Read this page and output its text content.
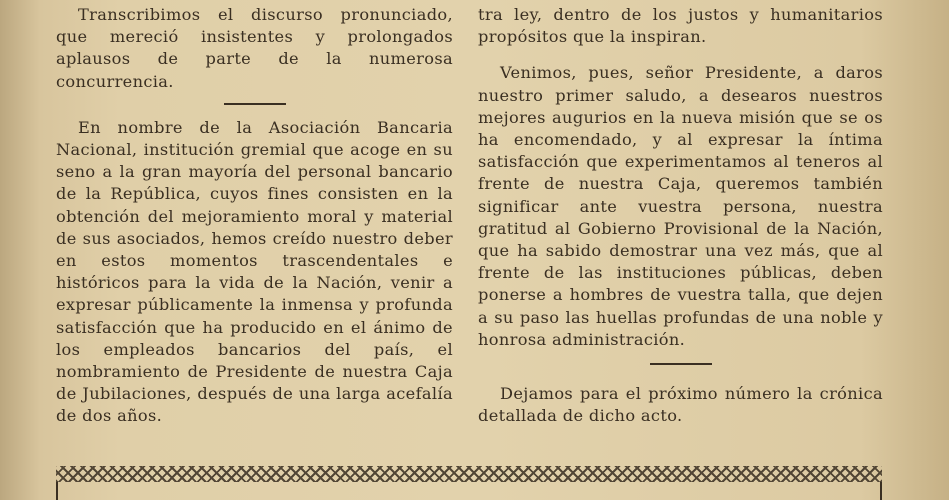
Transcribimos el discurso pronunciado, que mereció insistentes y prolongados aplausos de parte de la numerosa concurrencia.

En nombre de la Asociación Bancaria Nacional, institución gremial que acoge en su seno a la gran mayoría del personal bancario de la República, cuyos fines consisten en la obtención del mejoramiento moral y material de sus asociados, hemos creído nuestro deber en estos momentos trascendentales e históricos para la vida de la Nación, venir a expresar públicamente la inmensa y profunda satisfacción que ha producido en el ánimo de los empleados bancarios del país, el nombramiento de Presidente de nuestra Caja de Jubilaciones, después de una larga acefalía de dos años.

tra ley, dentro de los justos y humanitarios propósitos que la inspiran.

Venimos, pues, señor Presidente, a daros nuestro primer saludo, a desearos nuestros mejores augurios en la nueva misión que se os ha encomendado, y al expresar la íntima satisfacción que experimentamos al teneros al frente de nuestra Caja, queremos también significar ante vuestra persona, nuestra gratitud al Gobierno Provisional de la Nación, que ha sabido demostrar una vez más, que al frente de las instituciones públicas, deben ponerse a hombres de vuestra talla, que dejen a su paso las huellas profundas de una noble y honrosa administración.

Dejamos para el próximo número la crónica detallada de dicho acto.
